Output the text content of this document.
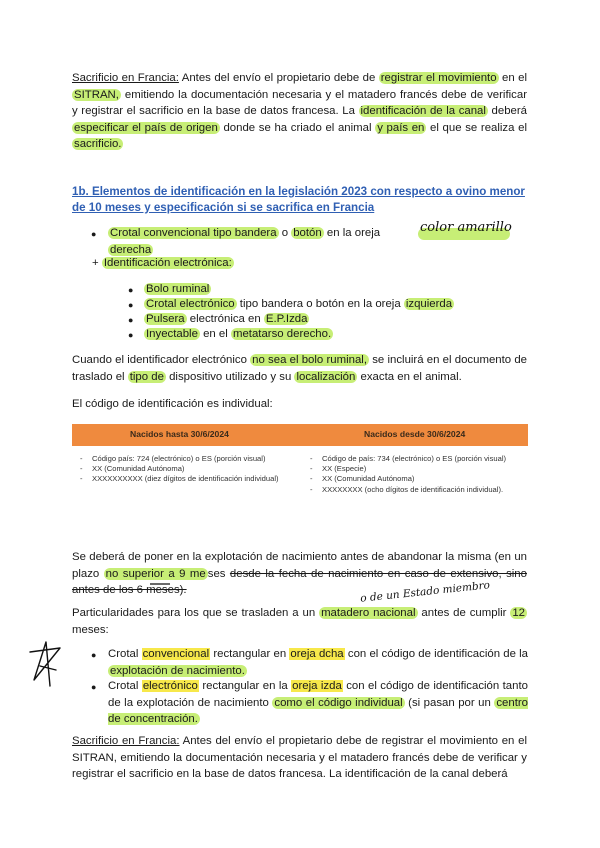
Sacrificio en Francia: Antes del envío el propietario debe de registrar el movimiento en el SITRAN, emitiendo la documentación necesaria y el matadero francés debe de verificar y registrar el sacrificio en la base de datos francesa. La identificación de la canal deberá especificar el país de origen donde se ha criado el animal y país en el que se realiza el sacrificio.
1b. Elementos de identificación en la legislación 2023 con respecto a ovino menor de 10 meses y especificación si se sacrifica en Francia
● Crotal convencional tipo bandera o botón en la oreja derecha
color amarillo
+ Identificación electrónica:
● Bolo ruminal
● Crotal electrónico tipo bandera o botón en la oreja izquierda
● Pulsera electrónica en E.P.Izda
● Inyectable en el metatarso derecho.
Cuando el identificador electrónico no sea el bolo ruminal, se incluirá en el documento de traslado el tipo de dispositivo utilizado y su localización exacta en el animal.
El código de identificación es individual:
Nacidos hasta 30/6/2024	Nacidos desde 30/6/2024
- Código país: 724 (electrónico) o ES (porción visual)
- XX (Comunidad Autónoma)
- XXXXXXXXXX (diez dígitos de identificación individual)
- Código de país: 734 (electrónico) o ES (porción visual)
- XX (Especie)
- XX (Comunidad Autónoma)
- XXXXXXXX (ocho dígitos de identificación individual).
Se deberá de poner en la explotación de nacimiento antes de abandonar la misma (en un plazo no superior a 9 me ses desde la fecha de nacimiento en caso de extensivo, sino antes de los 6 meses).	o de un Estado miembro
Particularidades para los que se trasladen a un matadero nacional antes de cumplir 12 meses:
● Crotal convencional rectangular en oreja dcha con el código de identificación de la explotación de nacimiento.
● Crotal electrónico rectangular en la oreja izda con el código de identificación tanto de la explotación de nacimiento como el código individual (si pasan por un centro de concentración.
Sacrificio en Francia: Antes del envío el propietario debe de registrar el movimiento en el SITRAN, emitiendo la documentación necesaria y el matadero francés debe de verificar y registrar el sacrificio en la base de datos francesa. La identificación de la canal deberá
